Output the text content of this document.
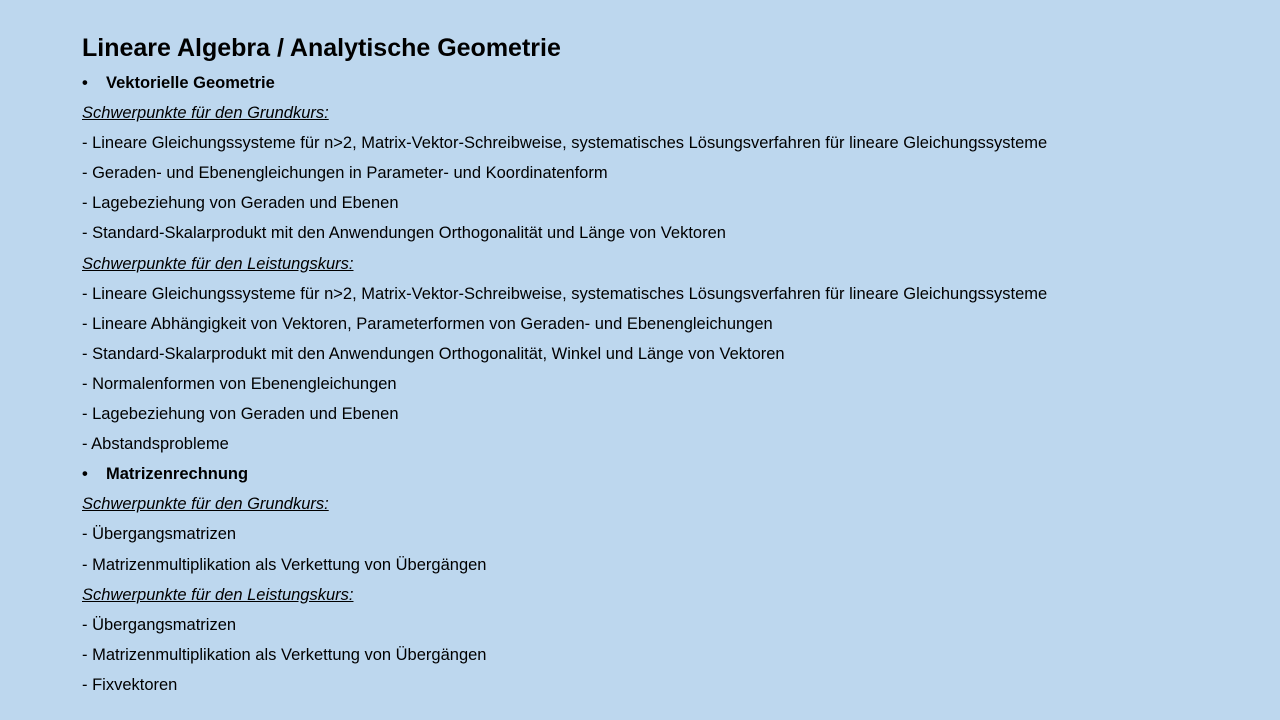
Lineare Algebra / Analytische Geometrie
• Vektorielle Geometrie
Schwerpunkte für den Grundkurs:
- Lineare Gleichungssysteme für n>2, Matrix-Vektor-Schreibweise, systematisches Lösungsverfahren für lineare Gleichungssysteme
- Geraden- und Ebenengleichungen in Parameter- und Koordinatenform
- Lagebeziehung von Geraden und Ebenen
- Standard-Skalarprodukt mit den Anwendungen Orthogonalität und Länge von Vektoren
Schwerpunkte für den Leistungskurs:
- Lineare Gleichungssysteme für n>2, Matrix-Vektor-Schreibweise, systematisches Lösungsverfahren für lineare Gleichungssysteme
- Lineare Abhängigkeit von Vektoren, Parameterformen von Geraden- und Ebenengleichungen
- Standard-Skalarprodukt mit den Anwendungen Orthogonalität, Winkel und Länge von Vektoren
- Normalenformen von Ebenengleichungen
- Lagebeziehung von Geraden und Ebenen
- Abstandsprobleme
• Matrizenrechnung
Schwerpunkte für den Grundkurs:
- Übergangsmatrizen
- Matrizenmultiplikation als Verkettung von Übergängen
Schwerpunkte für den Leistungskurs:
- Übergangsmatrizen
- Matrizenmultiplikation als Verkettung von Übergängen
- Fixvektoren
